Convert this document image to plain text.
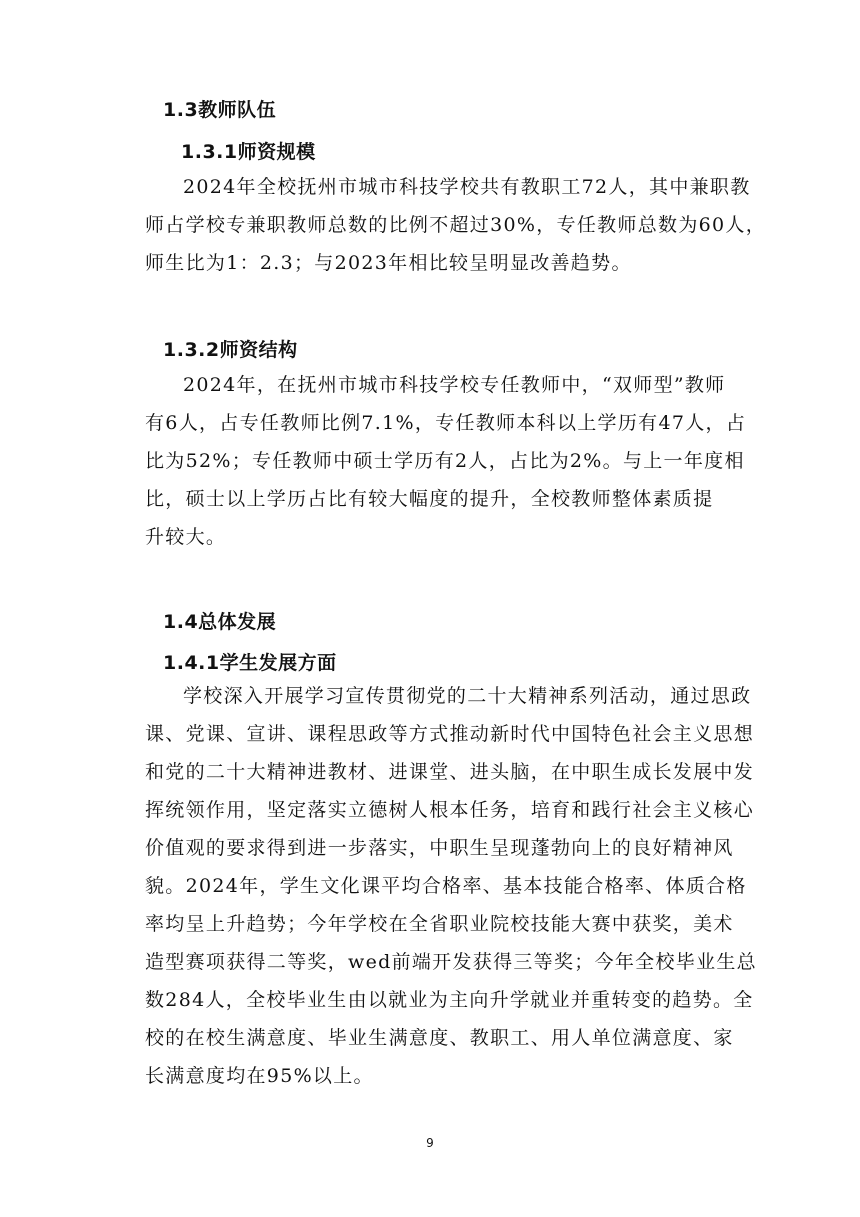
1.3教师队伍
1.3.1师资规模
2024年全校抚州市城市科技学校共有教职工72人，其中兼职教
师占学校专兼职教师总数的比例不超过30%，专任教师总数为60人，
师生比为1：2.3；与2023年相比较呈明显改善趋势。
1.3.2师资结构
2024年，在抚州市城市科技学校专任教师中，“双师型”教师
有6人，占专任教师比例7.1%，专任教师本科以上学历有47人，占
比为52%；专任教师中硕士学历有2人，占比为2%。与上一年度相
比，硕士以上学历占比有较大幅度的提升，全校教师整体素质提
升较大。
1.4总体发展
1.4.1学生发展方面
学校深入开展学习宣传贯彻党的二十大精神系列活动，通过思政
课、党课、宣讲、课程思政等方式推动新时代中国特色社会主义思想
和党的二十大精神进教材、进课堂、进头脑，在中职生成长发展中发
挥统领作用，坚定落实立德树人根本任务，培育和践行社会主义核心
价值观的要求得到进一步落实，中职生呈现蓬勃向上的良好精神风
貌。2024年，学生文化课平均合格率、基本技能合格率、体质合格
率均呈上升趋势；今年学校在全省职业院校技能大赛中获奖，美术
造型赛项获得二等奖，wed前端开发获得三等奖；今年全校毕业生总
数284人，全校毕业生由以就业为主向升学就业并重转变的趋势。全
校的在校生满意度、毕业生满意度、教职工、用人单位满意度、家
长满意度均在95%以上。
9
